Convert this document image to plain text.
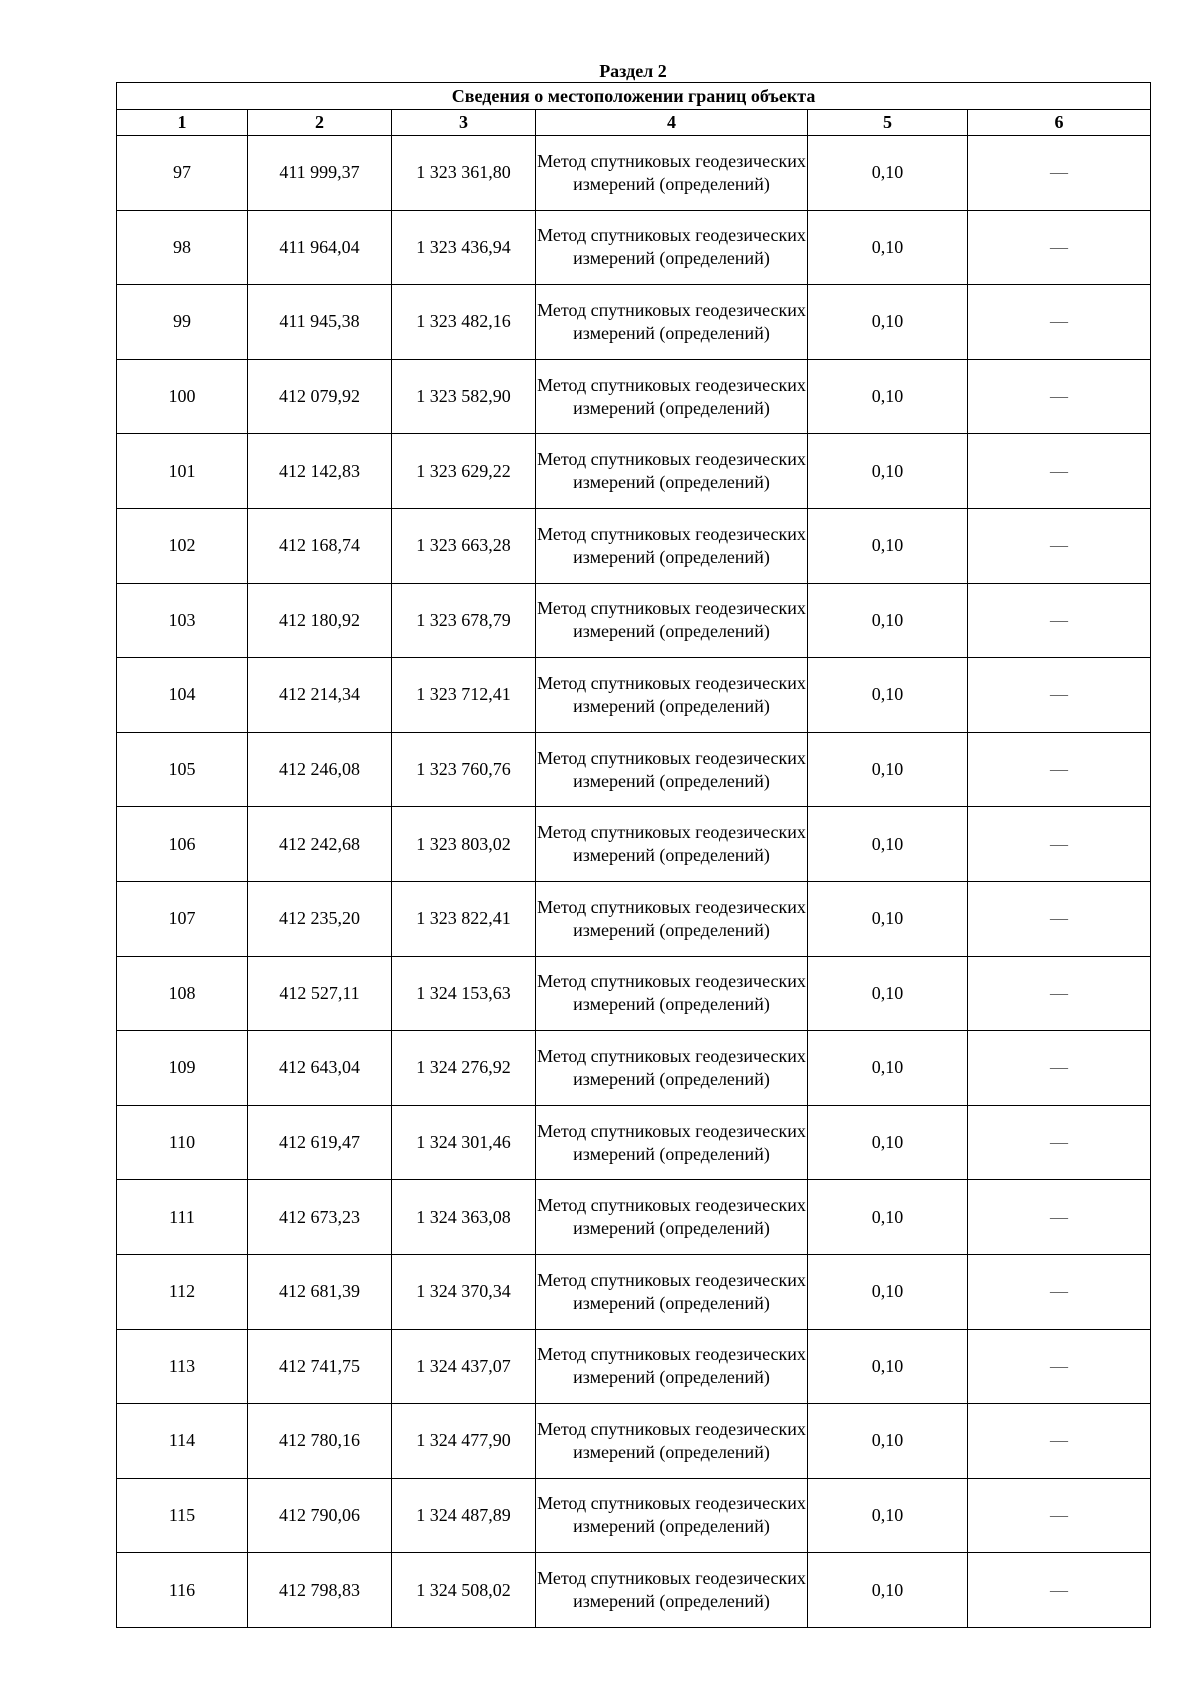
Раздел 2
Сведения о местоположении границ объекта					
1	2	3	4	5	6
97	411 999,37	1 323 361,80	Метод спутниковых геодезических измерений (определений)	0,10	—
98	411 964,04	1 323 436,94	Метод спутниковых геодезических измерений (определений)	0,10	—
99	411 945,38	1 323 482,16	Метод спутниковых геодезических измерений (определений)	0,10	—
100	412 079,92	1 323 582,90	Метод спутниковых геодезических измерений (определений)	0,10	—
101	412 142,83	1 323 629,22	Метод спутниковых геодезических измерений (определений)	0,10	—
102	412 168,74	1 323 663,28	Метод спутниковых геодезических измерений (определений)	0,10	—
103	412 180,92	1 323 678,79	Метод спутниковых геодезических измерений (определений)	0,10	—
104	412 214,34	1 323 712,41	Метод спутниковых геодезических измерений (определений)	0,10	—
105	412 246,08	1 323 760,76	Метод спутниковых геодезических измерений (определений)	0,10	—
106	412 242,68	1 323 803,02	Метод спутниковых геодезических измерений (определений)	0,10	—
107	412 235,20	1 323 822,41	Метод спутниковых геодезических измерений (определений)	0,10	—
108	412 527,11	1 324 153,63	Метод спутниковых геодезических измерений (определений)	0,10	—
109	412 643,04	1 324 276,92	Метод спутниковых геодезических измерений (определений)	0,10	—
110	412 619,47	1 324 301,46	Метод спутниковых геодезических измерений (определений)	0,10	—
111	412 673,23	1 324 363,08	Метод спутниковых геодезических измерений (определений)	0,10	—
112	412 681,39	1 324 370,34	Метод спутниковых геодезических измерений (определений)	0,10	—
113	412 741,75	1 324 437,07	Метод спутниковых геодезических измерений (определений)	0,10	—
114	412 780,16	1 324 477,90	Метод спутниковых геодезических измерений (определений)	0,10	—
115	412 790,06	1 324 487,89	Метод спутниковых геодезических измерений (определений)	0,10	—
116	412 798,83	1 324 508,02	Метод спутниковых геодезических измерений (определений)	0,10	—
